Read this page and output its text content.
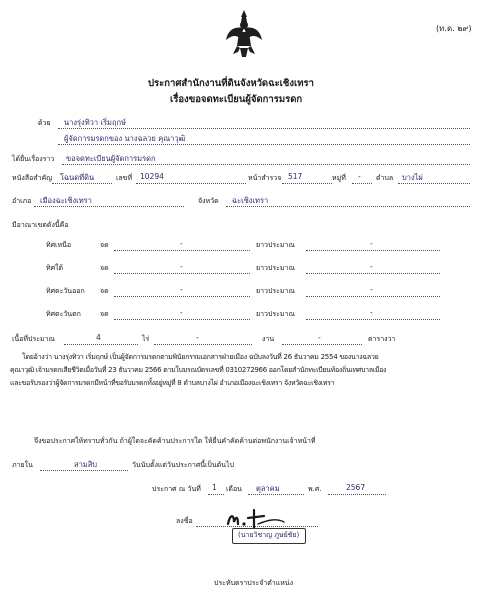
(ท.ด. ๒๙)
ประกาศสำนักงานที่ดินจังหวัดฉะเชิงเทรา
เรื่องขอจดทะเบียนผู้จัดการมรดก
ด้วย นางรุ่งทิวา เริ่มฤกษ์
ผู้จัดการมรดกของ นางฉลวย คุณาวุฒิ
ได้ยื่นเรื่องราว ขอจดทะเบียนผู้จัดการมรดก
หนังสือสำคัญ โฉนดที่ดิน	เลขที่ 10294	หน้าสำรวจ 517	หมู่ที่ - ตำบล บางไผ่
อำเภอ เมืองฉะเชิงเทรา	จังหวัด ฉะเชิงเทรา
มีอาณาเขตดังนี้คือ
ทิศเหนือ	จด	-	ยาวประมาณ	-
ทิศใต้	จด	-	ยาวประมาณ	-
ทิศตะวันออก จด	-	ยาวประมาณ	-
ทิศตะวันตก	จด	-	ยาวประมาณ	-
เนื้อที่ประมาณ	4	ไร่	-	งาน	-	ตารางวา
โดยอ้างว่า นางรุ่งทิวา เริ่มฤกษ์ เป็นผู้จัดการมรดกตามพินัยกรรมเอกสารฝ่ายเมือง ฉบับลงวันที่ 26 ธันวาคม 2554 ของนางฉลวย
คุณาวุฒิ เจ้ามรดกเสียชีวิตเมื่อวันที่ 23 ธันวาคม 2566 ตามใบมรณบัตรเลขที่ 0310272966 ออกโดยสำนักทะเบียนท้องถิ่นเทศบาลเมือง
และขอรับรองว่าผู้จัดการมรดกมีหน้าที่ขอรับมรดกทั้งอยู่หมู่ที่ 8 ตำบลบางไผ่ อำเภอเมืองฉะเชิงเทรา จังหวัดฉะเชิงเทรา
จึงขอประกาศให้ทราบทั่วกัน ถ้าผู้ใดจะคัดค้านประการใด ให้ยื่นคำคัดค้านต่อพนักงานเจ้าหน้าที่
ภายใน	สามสิบ	วันนับตั้งแต่วันประกาศนี้เป็นต้นไป
ประกาศ ณ วันที่ 1 เดือน ตุลาคม	พ.ศ.	2567
ลงชื่อ
(นายวิชาญ ภูษย์ชัย)
ประทับตราประจำตำแหน่ง
